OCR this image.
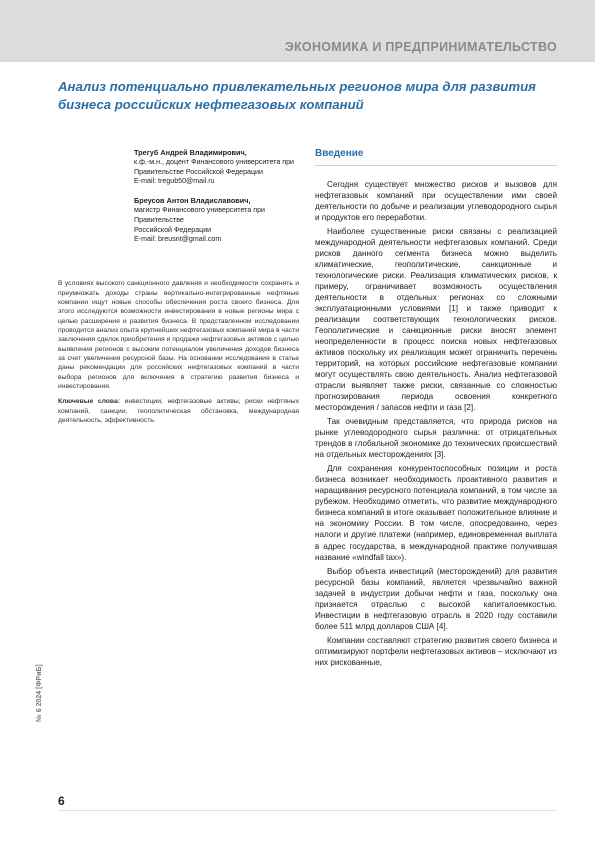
ЭКОНОМИКА И ПРЕДПРИНИМАТЕЛЬСТВО
Анализ потенциально привлекательных регионов мира для развития бизнеса российских нефтегазовых компаний
Трегуб Андрей Владимирович,
к.ф.-м.н., доцент Финансового университета при
Правительстве Российской Федерации
E-mail: tregub50@mail.ru
Бреусов Антон Владиславович,
магистр Финансового университета при Правительстве
Российской Федерации
E-mail: breusnt@gmail.com
В условиях высокого санкционного давления и необходимости сохранять и преумножать доходы страны вертикально-интегрированные нефтяные компании ищут новые способы обеспечения роста своего бизнеса. Для этого исследуются возможности инвестирования в новые регионы мира с целью расширения и развития бизнеса. В представленном исследовании проводится анализ опыта крупнейших нефтегазовых компаний мира в части заключения сделок приобретения и продажи нефтегазовых активов с целью выявления регионов с высоким потенциалом увеличения доходов бизнеса за счет увеличения ресурсной базы. На основании исследования в статье даны рекомендации для российских нефтегазовых компаний в части выбора регионов для включения в стратегию развития бизнеса и инвестирования.
Ключевые слова: инвестиции, нефтегазовые активы, риски нефтяных компаний, санкции, геополитическая обстановка, международная деятельность, эффективность.
Введение

Сегодня существует множество рисков и вызовов для нефтегазовых компаний при осуществлении ими своей деятельности по добыче и реализации углеводородного сырья и продуктов его переработки.

Наиболее существенные риски связаны с реализацией международной деятельности нефтегазовых компаний. Среди рисков данного сегмента бизнеса можно выделить климатические, геополитические, санкционные и технологические риски. Реализация климатических рисков, к примеру, ограничивает возможность осуществления деятельности в отдельных регионах со сложными эксплуатационными условиями [1] и также приводит к реализации соответствующих технологических рисков. Геополитические и санкционные риски вносят элемент неопределенности в процесс поиска новых нефтегазовых активов поскольку их реализация может ограничить перечень территорий, на которых российские нефтегазовые компании могут осуществлять свою деятельность. Анализ нефтегазовой отрасли выявляет также риски, связанные со сложностью прогнозирования периода освоения конкретного месторождения / запасов нефти и газа [2].

Так очевидным представляется, что природа рисков на рынке углеводородного сырья различна: от отрицательных трендов в глобальной экономике до технических происшествий на отдельных месторождениях [3].

Для сохранения конкурентоспособных позиции и роста бизнеса возникает необходимость проактивного развития и наращивания ресурсного потенциала компаний, в том числе за рубежом. Необходимо отметить, что развитие международного бизнеса компаний в итоге оказывает положительное влияние и на экономику России. В том числе, опосредованно, через налоги и другие платежи (например, единовременная выплата в адрес государства, в международной практике получившая название «windfall tax»).

Выбор объекта инвестиций (месторождений) для развития ресурсной базы компаний, является чрезвычайно важной задачей в индустрии добычи нефти и газа, поскольку она признается отраслью с высокой капиталоемкостью. Инвестиции в нефтегазовую отрасль в 2020 году составили более 511 млрд долларов США [4].

Компании составляют стратегию развития своего бизнеса и оптимизируют портфели нефтегазовых активов – исключают из них рискованные,

№ 6 2024 [ФРиБ]
6
